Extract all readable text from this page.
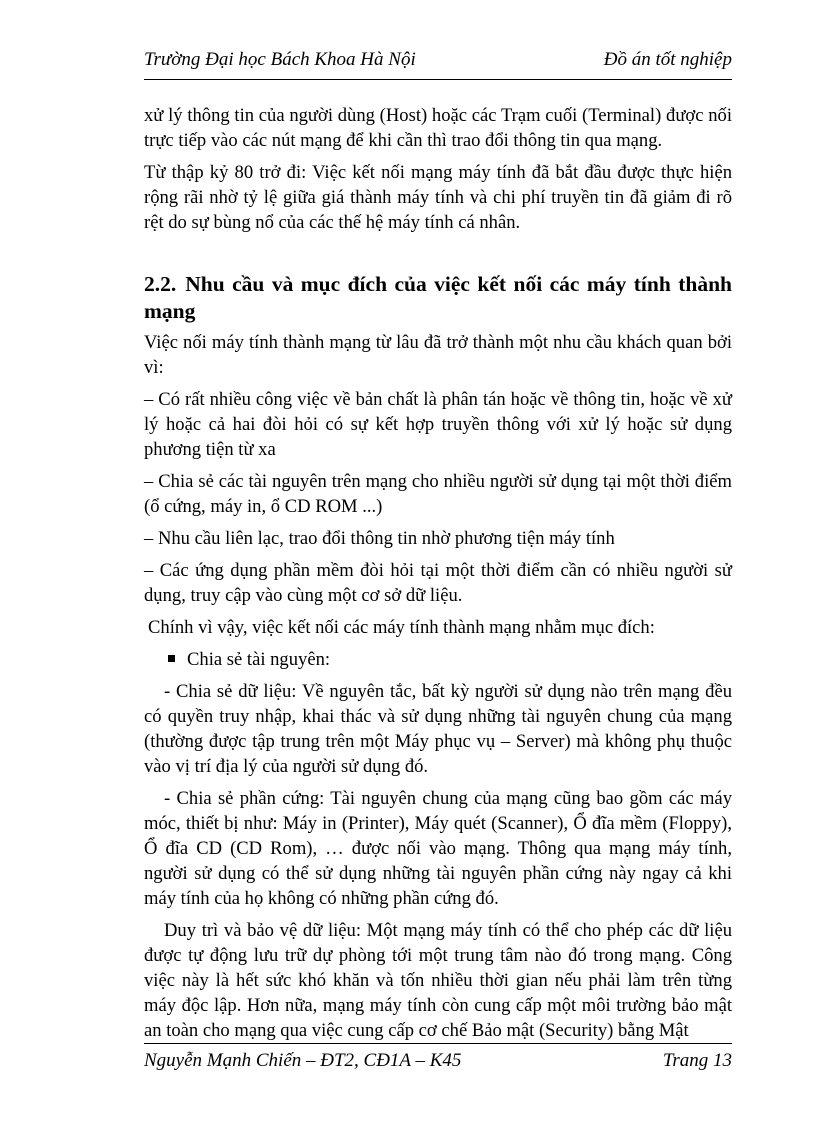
Trường Đại học Bách Khoa Hà Nội	Đồ án tốt nghiệp

xử lý thông tin của người dùng (Host) hoặc các Trạm cuối (Terminal) được nối trực tiếp vào các nút mạng để khi cần thì trao đổi thông tin qua mạng.

Từ thập kỷ 80 trở đi: Việc kết nối mạng máy tính đã bắt đầu được thực hiện rộng rãi nhờ tỷ lệ giữa giá thành máy tính và chi phí truyền tin đã giảm đi rõ rệt do sự bùng nổ của các thế hệ máy tính cá nhân.

2.2. Nhu cầu và mục đích của việc kết nối các máy tính thành mạng

Việc nối máy tính thành mạng từ lâu đã trở thành một nhu cầu khách quan bởi vì:

– Có rất nhiều công việc về bản chất là phân tán hoặc về thông tin, hoặc về xử lý hoặc cả hai đòi hỏi có sự kết hợp truyền thông với xử lý hoặc sử dụng phương tiện từ xa

– Chia sẻ các tài nguyên trên mạng cho nhiều người sử dụng tại một thời điểm (ổ cứng, máy in, ổ CD ROM ...)

– Nhu cầu liên lạc, trao đổi thông tin nhờ phương tiện máy tính

– Các ứng dụng phần mềm đòi hỏi tại một thời điểm cần có nhiều người sử dụng, truy cập vào cùng một cơ sở dữ liệu.

Chính vì vậy, việc kết nối các máy tính thành mạng nhằm mục đích:

Chia sẻ tài nguyên:

- Chia sẻ dữ liệu: Về nguyên tắc, bất kỳ người sử dụng nào trên mạng đều có quyền truy nhập, khai thác và sử dụng những tài nguyên chung của mạng (thường được tập trung trên một Máy phục vụ – Server) mà không phụ thuộc vào vị trí địa lý của người sử dụng đó.

- Chia sẻ phần cứng: Tài nguyên chung của mạng cũng bao gồm các máy móc, thiết bị như: Máy in (Printer), Máy quét (Scanner), Ổ đĩa mềm (Floppy), Ổ đĩa CD (CD Rom), … được nối vào mạng. Thông qua mạng máy tính, người sử dụng có thể sử dụng những tài nguyên phần cứng này ngay cả khi máy tính của họ không có những phần cứng đó.

Duy trì và bảo vệ dữ liệu: Một mạng máy tính có thể cho phép các dữ liệu được tự động lưu trữ dự phòng tới một trung tâm nào đó trong mạng. Công việc này là hết sức khó khăn và tốn nhiều thời gian nếu phải làm trên từng máy độc lập. Hơn nữa, mạng máy tính còn cung cấp một môi trường bảo mật an toàn cho mạng qua việc cung cấp cơ chế Bảo mật (Security) bằng Mật

Nguyễn Mạnh Chiến – ĐT2, CĐ1A – K45	Trang 13
